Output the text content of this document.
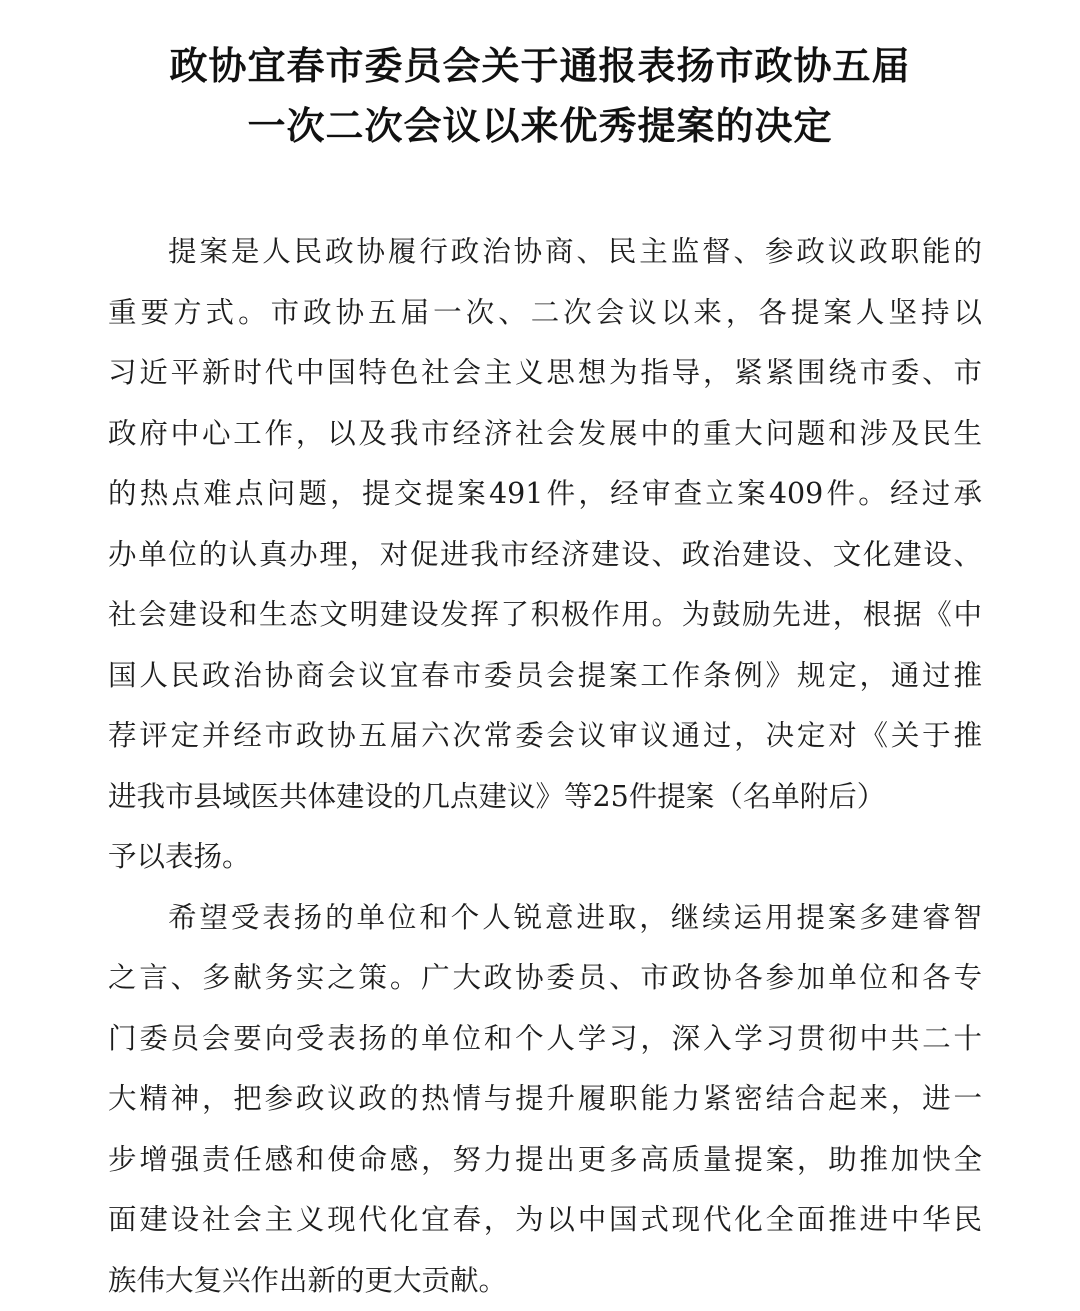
政协宜春市委员会关于通报表扬市政协五届
一次二次会议以来优秀提案的决定
提案是人民政协履行政治协商、民主监督、参政议政职能的
重要方式。市政协五届一次、二次会议以来，各提案人坚持以
习近平新时代中国特色社会主义思想为指导，紧紧围绕市委、市
政府中心工作，以及我市经济社会发展中的重大问题和涉及民生
的热点难点问题，提交提案491件，经审查立案409件。经过承
办单位的认真办理，对促进我市经济建设、政治建设、文化建设、
社会建设和生态文明建设发挥了积极作用。为鼓励先进，根据《中
国人民政治协商会议宜春市委员会提案工作条例》规定，通过推
荐评定并经市政协五届六次常委会议审议通过，决定对《关于推
进我市县域医共体建设的几点建议》等25件提案（名单附后）
予以表扬。
希望受表扬的单位和个人锐意进取，继续运用提案多建睿智
之言、多献务实之策。广大政协委员、市政协各参加单位和各专
门委员会要向受表扬的单位和个人学习，深入学习贯彻中共二十
大精神，把参政议政的热情与提升履职能力紧密结合起来，进一
步增强责任感和使命感，努力提出更多高质量提案，助推加快全
面建设社会主义现代化宜春，为以中国式现代化全面推进中华民
族伟大复兴作出新的更大贡献。
